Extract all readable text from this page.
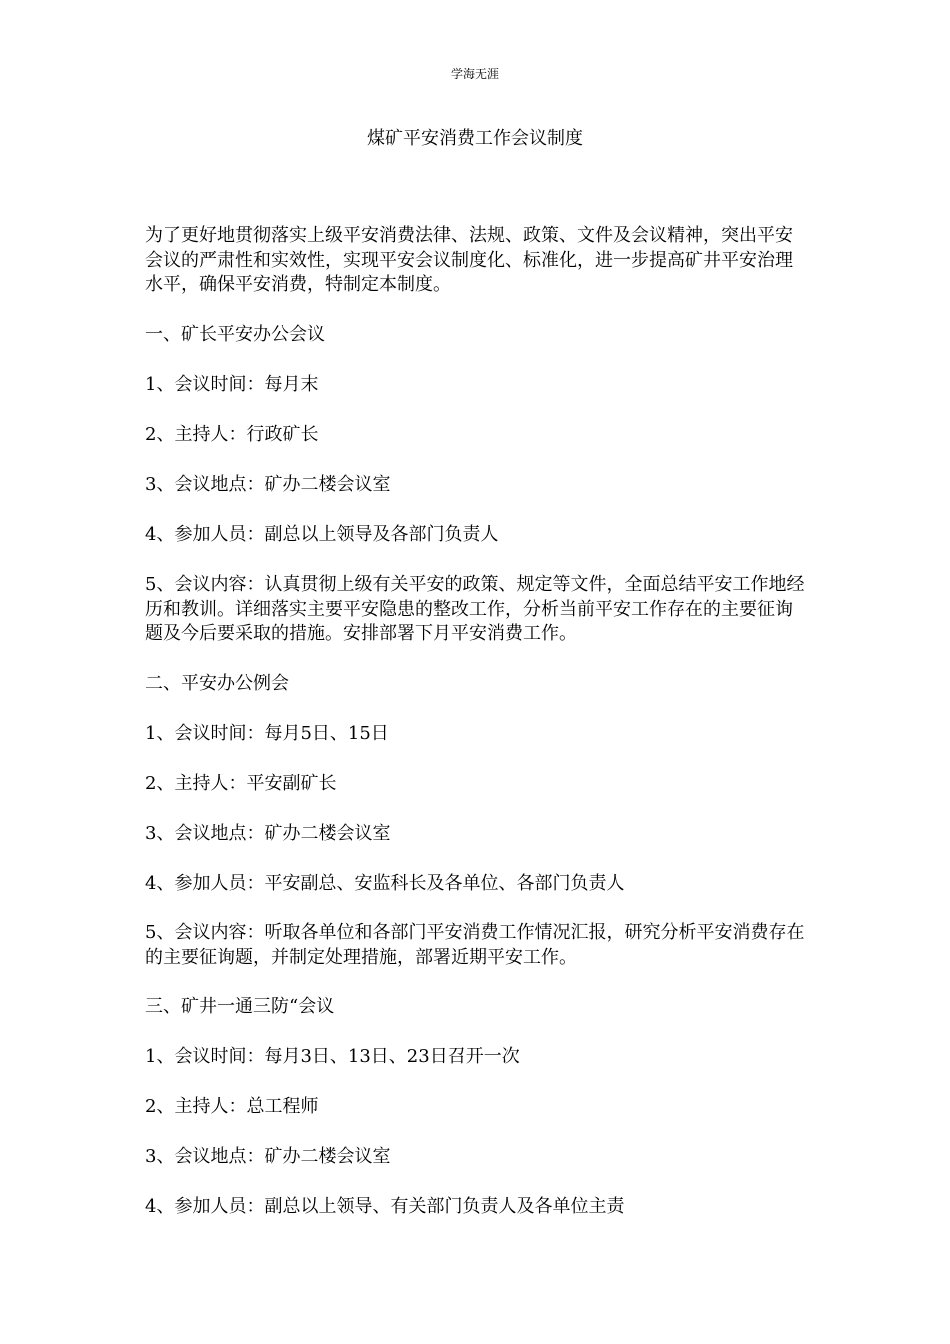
学海无涯
煤矿平安消费工作会议制度

为了更好地贯彻落实上级平安消费法律、法规、政策、文件及会议精神，突出平安会议的严肃性和实效性，实现平安会议制度化、标准化，进一步提高矿井平安治理水平，确保平安消费，特制定本制度。

一、矿长平安办公会议

1、会议时间：每月末

2、主持人：行政矿长

3、会议地点：矿办二楼会议室

4、参加人员：副总以上领导及各部门负责人

5、会议内容：认真贯彻上级有关平安的政策、规定等文件，全面总结平安工作地经历和教训。详细落实主要平安隐患的整改工作，分析当前平安工作存在的主要征询题及今后要采取的措施。安排部署下月平安消费工作。

二、平安办公例会

1、会议时间：每月5日、15日

2、主持人：平安副矿长

3、会议地点：矿办二楼会议室

4、参加人员：平安副总、安监科长及各单位、各部门负责人

5、会议内容：听取各单位和各部门平安消费工作情况汇报，研究分析平安消费存在的主要征询题，并制定处理措施，部署近期平安工作。

三、矿井一通三防“会议

1、会议时间：每月3日、13日、23日召开一次

2、主持人：总工程师

3、会议地点：矿办二楼会议室

4、参加人员：副总以上领导、有关部门负责人及各单位主责
